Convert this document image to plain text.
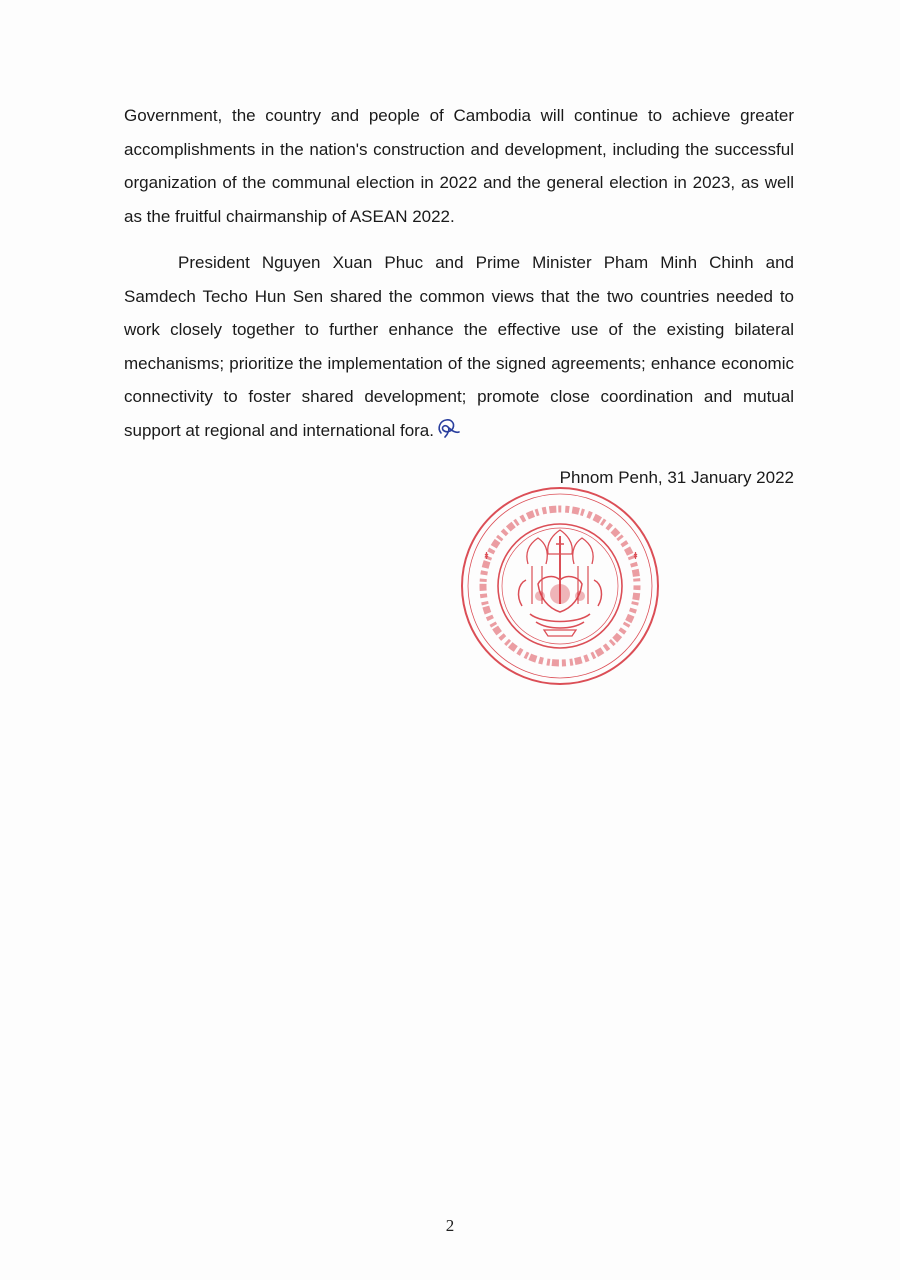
Government, the country and people of Cambodia will continue to achieve greater accomplishments in the nation's construction and development, including the successful organization of the communal election in 2022 and the general election in 2023, as well as the fruitful chairmanship of ASEAN 2022.

President Nguyen Xuan Phuc and Prime Minister Pham Minh Chinh and Samdech Techo Hun Sen shared the common views that the two countries needed to work closely together to further enhance the effective use of the existing bilateral mechanisms; prioritize the implementation of the signed agreements; enhance economic connectivity to foster shared development; promote close coordination and mutual support at regional and international fora.

Phnom Penh, 31 January 2022
2
